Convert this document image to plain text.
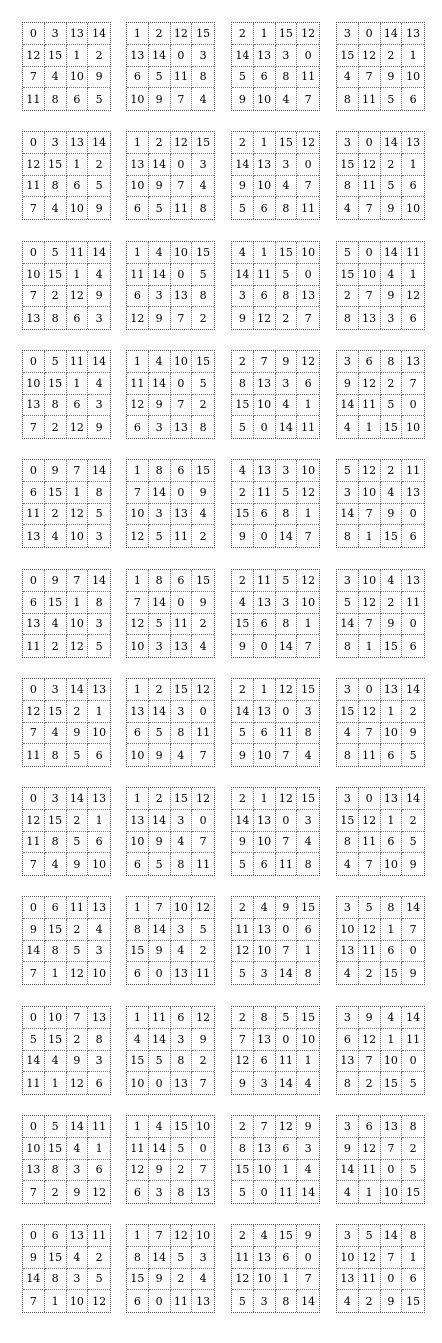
0	3	13 14
12 15	1	2
7	4	10	9
11	8	6	5
1	2	12 15
13 14	0	3
6	5	11	8
10	9	7	4
2	1	15 12
14 13	3	0
5	6	8	11
9	10	4	7
3	0	14 13
15 12	2	1
4	7	9	10
8	11	5	6
0	3	13 14
12 15	1	2
11	8	6	5
7	4	10	9
1	2	12 15
13 14	0	3
10	9	7	4
6	5	11	8
2	1	15 12
14 13	3	0
9	10	4	7
5	6	8	11
3	0	14 13
15 12	2	1
8	11	5	6
4	7	9	10
0	5	11 14
10 15	1	4
7	2	12	9
13	8	6	3
1	4	10 15
11 14	0	5
6	3	13	8
12	9	7	2
4	1	15 10
14 11	5	0
3	6	8	13
9	12	2	7
5	0	14 11
15 10	4	1
2	7	9	12
8	13	3	6
0	5	11 14
10 15	1	4
13	8	6	3
7	2	12	9
1	4	10 15
11 14	0	5
12	9	7	2
6	3	13	8
2	7	9	12
8	13	3	6
15 10	4	1
5	0	14 11
3	6	8	13
9	12	2	7
14 11	5	0
4	1	15 10
0	9	7	14
6	15	1	8
11	2	12	5
13	4	10	3
1	8	6	15
7	14	0	9
10	3	13	4
12	5	11	2
4	13	3	10
2	11	5	12
15	6	8	1
9	0	14	7
5	12	2	11
3	10	4	13
14	7	9	0
8	1	15	6
0	9	7	14
6	15	1	8
13	4	10	3
11	2	12	5
1	8	6	15
7	14	0	9
12	5	11	2
10	3	13	4
2	11	5	12
4	13	3	10
15	6	8	1
9	0	14	7
3	10	4	13
5	12	2	11
14	7	9	0
8	1	15	6
0	3	14 13
12 15	2	1
7	4	9	10
11	8	5	6
1	2	15 12
13 14	3	0
6	5	8	11
10	9	4	7
2	1	12 15
14 13	0	3
5	6	11	8
9	10	7	4
3	0	13 14
15 12	1	2
4	7	10	9
8	11	6	5
0	3	14 13
12 15	2	1
11	8	5	6
7	4	9	10
1	2	15 12
13 14	3	0
10	9	4	7
6	5	8	11
2	1	12 15
14 13	0	3
9	10	7	4
5	6	11	8
3	0	13 14
15 12	1	2
8	11	6	5
4	7	10	9
0	6	11 13
9	15	2	4
14	8	5	3
7	1	12 10
1	7	10 12
8	14	3	5
15	9	4	2
6	0	13 11
2	4	9	15
11 13	0	6
12 10	7	1
5	3	14	8
3	5	8	14
10 12	1	7
13 11	6	0
4	2	15	9
0	10	7	13
5	15	2	8
14	4	9	3
11	1	12	6
1	11	6	12
4	14	3	9
15	5	8	2
10	0	13	7
2	8	5	15
7	13	0	10
12	6	11	1
9	3	14	4
3	9	4	14
6	12	1	11
13	7	10	0
8	2	15	5
0	5	14 11
10 15	4	1
13	8	3	6
7	2	9	12
1	4	15 10
11 14	5	0
12	9	2	7
6	3	8	13
2	7	12	9
8	13	6	3
15 10	1	4
5	0	11 14
3	6	13	8
9	12	7	2
14 11	0	5
4	1	10 15
0	6	13 11
9	15	4	2
14	8	3	5
7	1	10 12
1	7	12 10
8	14	5	3
15	9	2	4
6	0	11 13
2	4	15	9
11 13	6	0
12 10	1	7
5	3	8	14
3	5	14	8
10 12	7	1
13 11	0	6
4	2	9	15
